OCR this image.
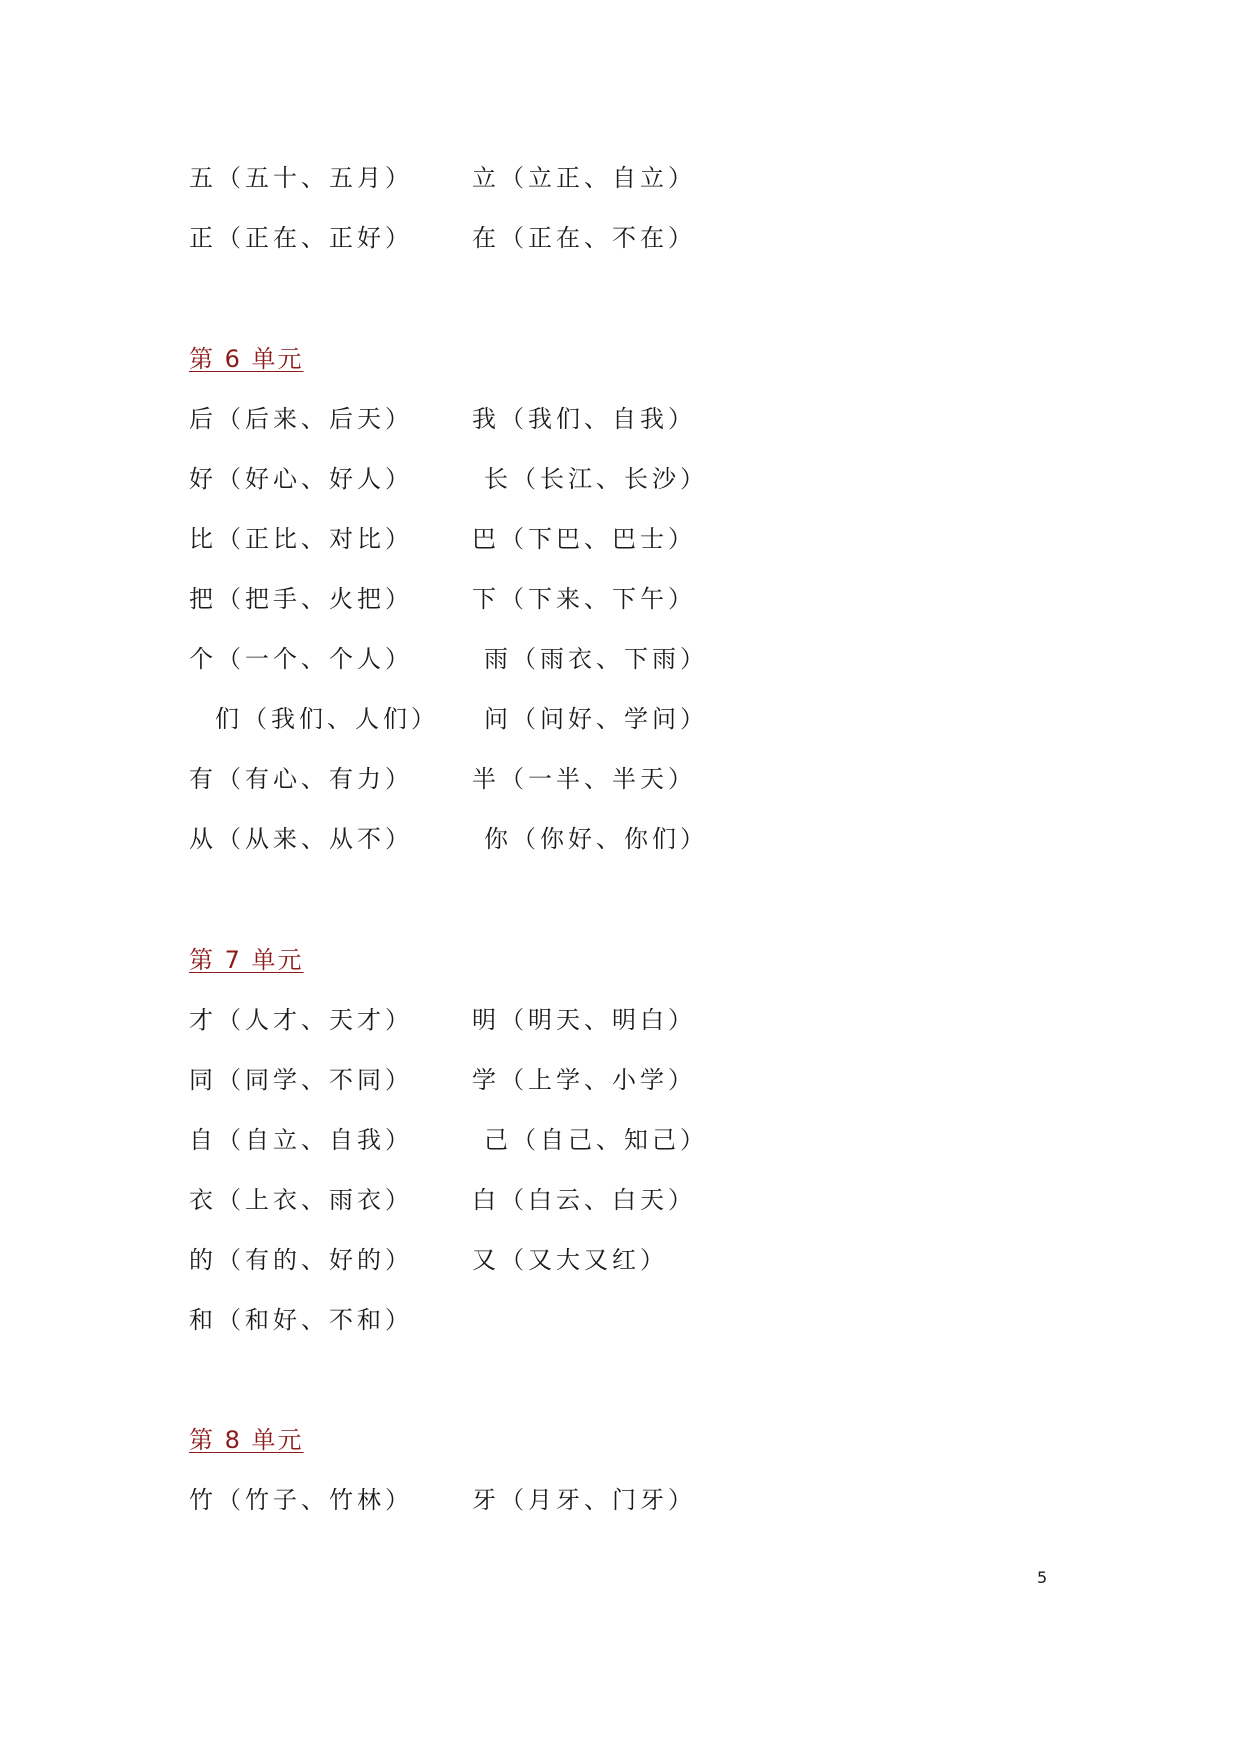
五（五十、五月） 立（立正、自立）
正（正在、正好） 在（正在、不在）
第 6 单元
后（后来、后天） 我（我们、自我）
好（好心、好人）	长（长江、长沙）
比（正比、对比） 巴（下巴、巴士）
把（把手、火把） 下（下来、下午）
个（一个、个人）	雨（雨衣、下雨）
们（我们、人们） 问（问好、学问）
有（有心、有力） 半（一半、半天）
从（从来、从不）	你（你好、你们）
第 7 单元
才（人才、天才） 明（明天、明白）
同（同学、不同） 学（上学、小学）
自（自立、自我）	己（自己、知己）
衣（上衣、雨衣） 白（白云、白天）
的（有的、好的） 又（又大又红）
和（和好、不和）
第 8 单元
竹（竹子、竹林） 牙（月牙、门牙）
5
